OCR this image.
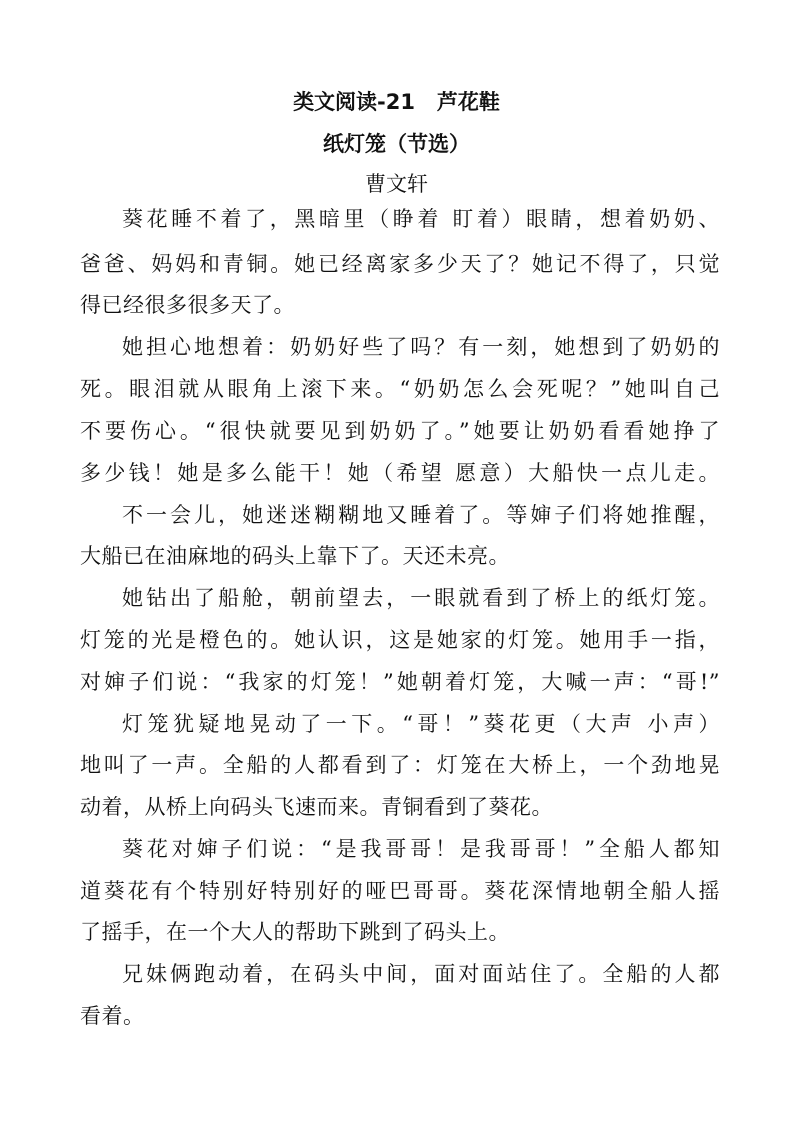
类文阅读-21   芦花鞋
纸灯笼（节选）
曹文轩
葵花睡不着了，黑暗里（睁着 盯着）眼睛，想着奶奶、
爸爸、妈妈和青铜。她已经离家多少天了？她记不得了，只觉
得已经很多很多天了。
她担心地想着：奶奶好些了吗？有一刻，她想到了奶奶的
死。眼泪就从眼角上滚下来。“奶奶怎么会死呢？”她叫自己
不要伤心。“很快就要见到奶奶了。”她要让奶奶看看她挣了
多少钱！她是多么能干！她（希望 愿意）大船快一点儿走。
不一会儿，她迷迷糊糊地又睡着了。等婶子们将她推醒，
大船已在油麻地的码头上靠下了。天还未亮。
她钻出了船舱，朝前望去，一眼就看到了桥上的纸灯笼。
灯笼的光是橙色的。她认识，这是她家的灯笼。她用手一指，
对婶子们说：“我家的灯笼！”她朝着灯笼，大喊一声：“哥!”
灯笼犹疑地晃动了一下。“哥！”葵花更（大声 小声）
地叫了一声。全船的人都看到了：灯笼在大桥上，一个劲地晃
动着，从桥上向码头飞速而来。青铜看到了葵花。
葵花对婶子们说：“是我哥哥！是我哥哥！”全船人都知
道葵花有个特别好特别好的哑巴哥哥。葵花深情地朝全船人摇
了摇手，在一个大人的帮助下跳到了码头上。
兄妹俩跑动着，在码头中间，面对面站住了。全船的人都
看着。
